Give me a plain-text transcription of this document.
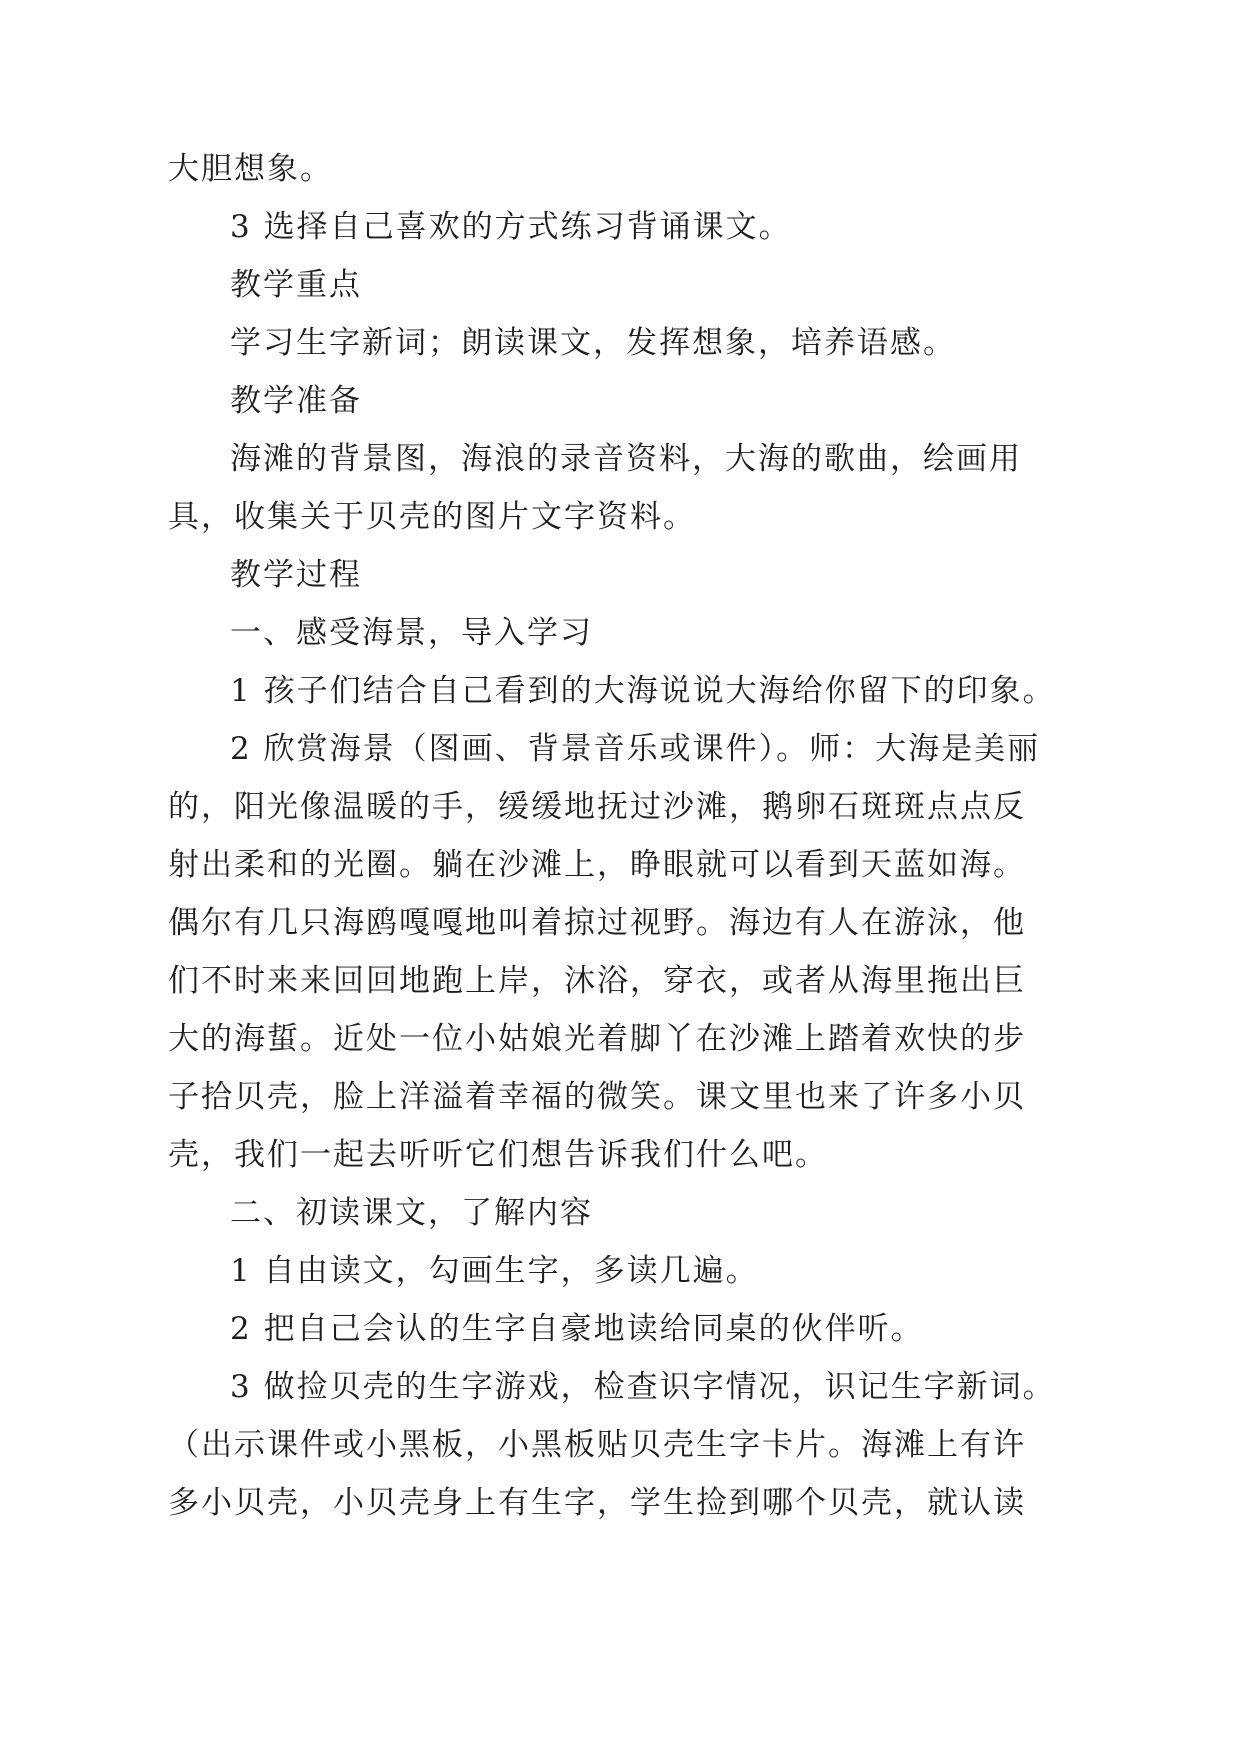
大胆想象。
3 选择自己喜欢的方式练习背诵课文。
教学重点
学习生字新词；朗读课文，发挥想象，培养语感。
教学准备
海滩的背景图，海浪的录音资料，大海的歌曲，绘画用
具，收集关于贝壳的图片文字资料。
教学过程
一、感受海景，导入学习
1 孩子们结合自己看到的大海说说大海给你留下的印象。
2 欣赏海景（图画、背景音乐或课件）。师：大海是美丽
的，阳光像温暖的手，缓缓地抚过沙滩，鹅卵石斑斑点点反
射出柔和的光圈。躺在沙滩上，睁眼就可以看到天蓝如海。
偶尔有几只海鸥嘎嘎地叫着掠过视野。海边有人在游泳，他
们不时来来回回地跑上岸，沐浴，穿衣，或者从海里拖出巨
大的海蜇。近处一位小姑娘光着脚丫在沙滩上踏着欢快的步
子拾贝壳，脸上洋溢着幸福的微笑。课文里也来了许多小贝
壳，我们一起去听听它们想告诉我们什么吧。
二、初读课文，了解内容
1 自由读文，勾画生字，多读几遍。
2 把自己会认的生字自豪地读给同桌的伙伴听。
3 做捡贝壳的生字游戏，检查识字情况，识记生字新词。
（出示课件或小黑板，小黑板贴贝壳生字卡片。海滩上有许
多小贝壳，小贝壳身上有生字，学生捡到哪个贝壳，就认读
